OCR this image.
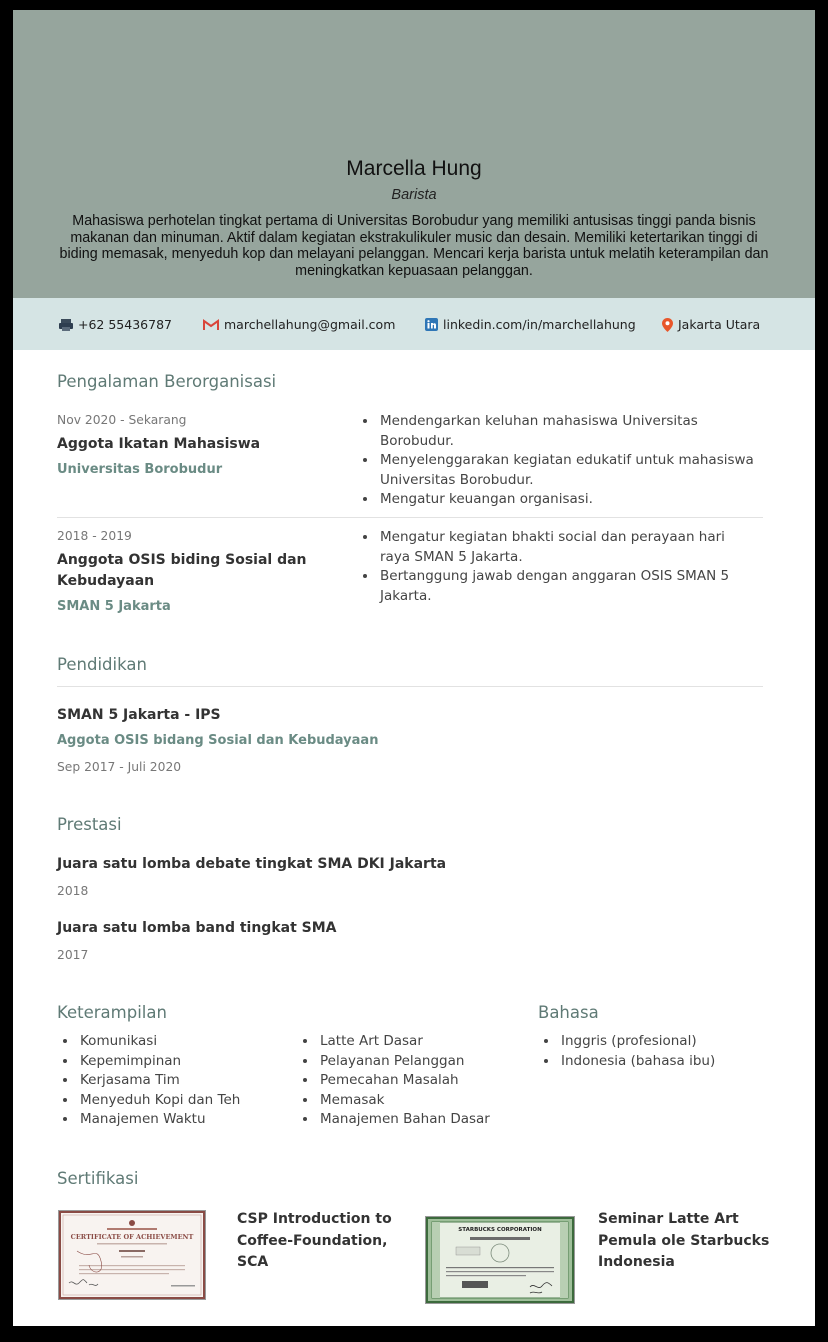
Marcella Hung
Barista
Mahasiswa perhotelan tingkat pertama di Universitas Borobudur yang memiliki antusisas tinggi panda bisnis makanan dan minuman. Aktif dalam kegiatan ekstrakulikuler music dan desain. Memiliki ketertarikan tinggi di biding memasak, menyeduh kop dan melayani pelanggan. Mencari kerja barista untuk melatih keterampilan dan meningkatkan kepuasaan pelanggan.
+62 55436787	marchellahung@gmail.com	linkedin.com/in/marchellahung	Jakarta Utara
Pengalaman Berorganisasi
Nov 2020 - Sekarang
Aggota Ikatan Mahasiswa
Universitas Borobudur
• Mendengarkan keluhan mahasiswa Universitas Borobudur.
• Menyelenggarakan kegiatan edukatif untuk mahasiswa Universitas Borobudur.
• Mengatur keuangan organisasi.
2018 - 2019
Anggota OSIS biding Sosial dan Kebudayaan
SMAN 5 Jakarta
• Mengatur kegiatan bhakti social dan perayaan hari raya SMAN 5 Jakarta.
• Bertanggung jawab dengan anggaran OSIS SMAN 5 Jakarta.
Pendidikan
SMAN 5 Jakarta - IPS
Aggota OSIS bidang Sosial dan Kebudayaan
Sep 2017 - Juli 2020
Prestasi
Juara satu lomba debate tingkat SMA DKI Jakarta
2018
Juara satu lomba band tingkat SMA
2017
Keterampilan
• Komunikasi
• Kepemimpinan
• Kerjasama Tim
• Menyeduh Kopi dan Teh
• Manajemen Waktu
• Latte Art Dasar
• Pelayanan Pelanggan
• Pemecahan Masalah
• Memasak
• Manajemen Bahan Dasar
Bahasa
• Inggris (profesional)
• Indonesia (bahasa ibu)
Sertifikasi
CERTIFICATE OF ACHIEVEMENT
CSP Introduction to Coffee-Foundation, SCA
STARBUCKS CORPORATION
Seminar Latte Art Pemula ole Starbucks Indonesia
